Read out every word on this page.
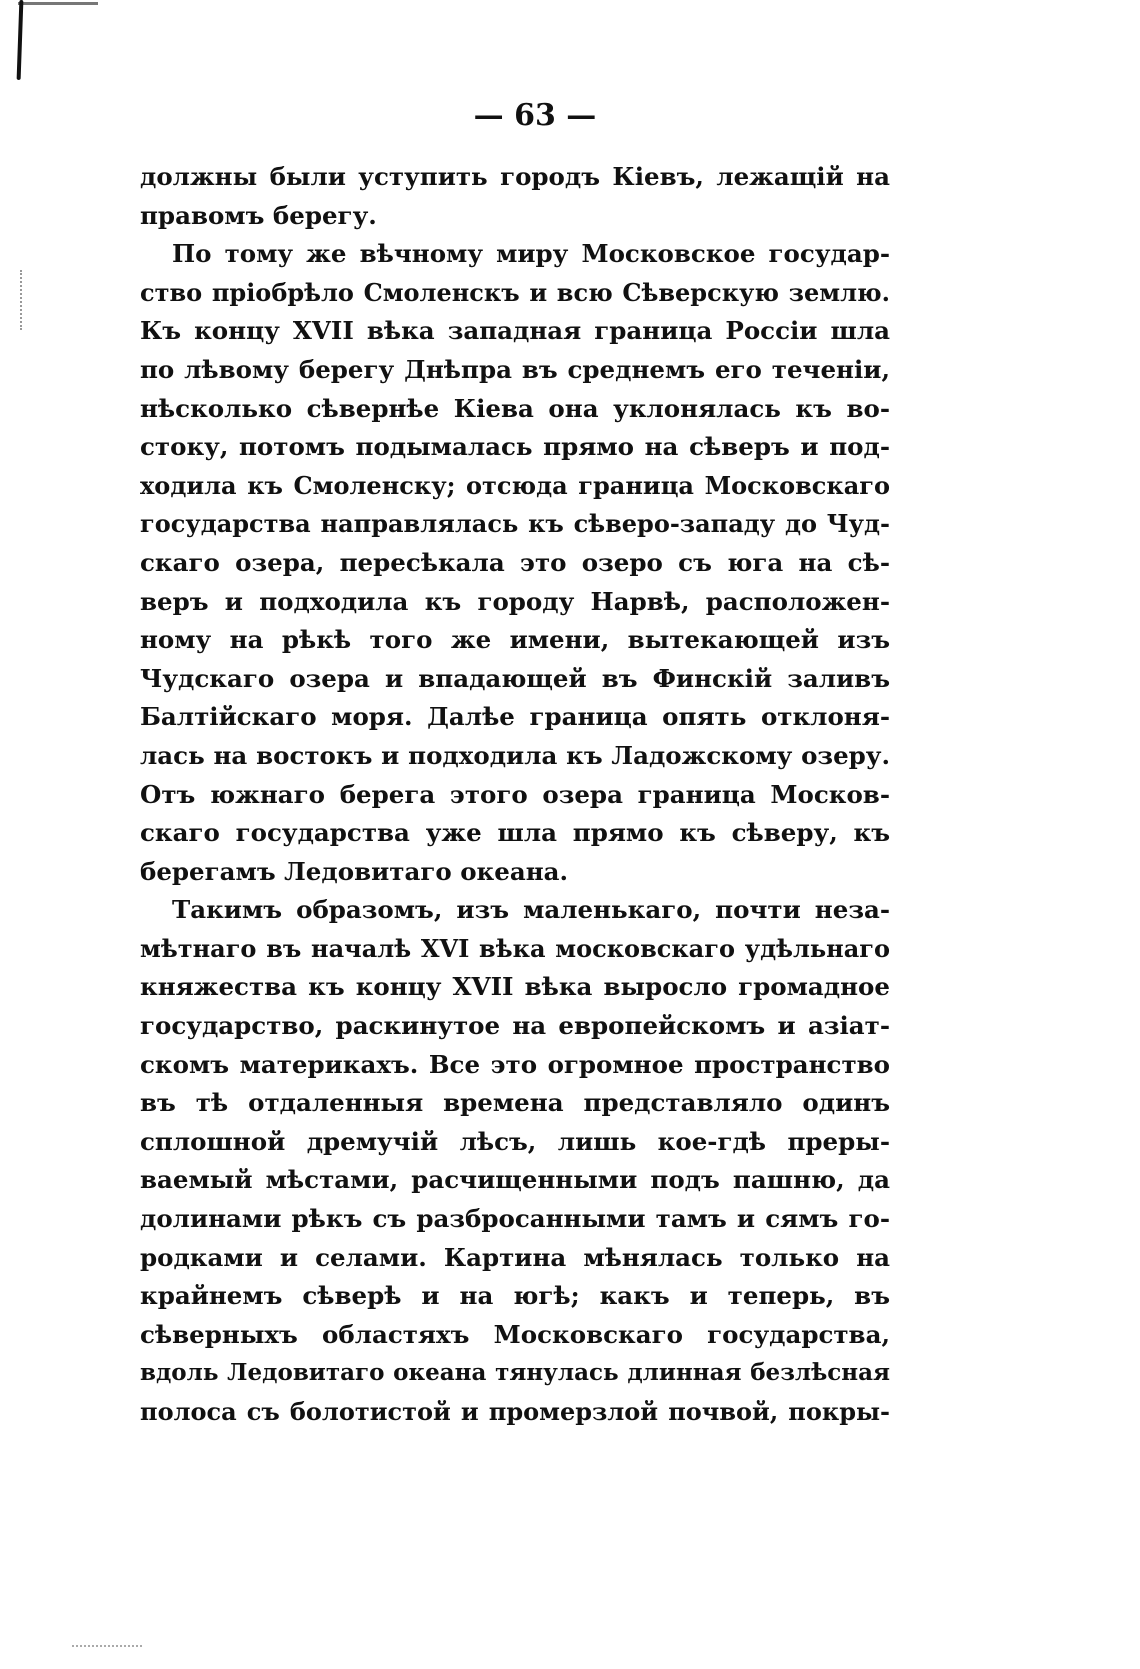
— 63 —
должны были уступить городъ Кіевъ, лежащій на
правомъ берегу.
По тому же вѣчному миру Московское государ-
ство пріобрѣло Смоленскъ и всю Сѣверскую землю.
Къ концу XVII вѣка западная граница Россіи шла
по лѣвому берегу Днѣпра въ среднемъ его теченіи,
нѣсколько сѣвернѣе Кіева она уклонялась къ во-
стоку, потомъ подымалась прямо на сѣверъ и под-
ходила къ Смоленску; отсюда граница Московскаго
государства направлялась къ сѣверо-западу до Чуд-
скаго озера, пересѣкала это озеро съ юга на сѣ-
веръ и подходила къ городу Нарвѣ, расположен-
ному на рѣкѣ того же имени, вытекающей изъ
Чудскаго озера и впадающей въ Финскій заливъ
Балтійскаго моря. Далѣе граница опять отклоня-
лась на востокъ и подходила къ Ладожскому озеру.
Отъ южнаго берега этого озера граница Москов-
скаго государства уже шла прямо къ сѣверу, къ
берегамъ Ледовитаго океана.
Такимъ образомъ, изъ маленькаго, почти неза-
мѣтнаго въ началѣ XVI вѣка московскаго удѣльнаго
княжества къ концу XVII вѣка выросло громадное
государство, раскинутое на европейскомъ и азіат-
скомъ материкахъ. Все это огромное пространство
въ тѣ отдаленныя времена представляло одинъ
сплошной дремучій лѣсъ, лишь кое-гдѣ преры-
ваемый мѣстами, расчищенными подъ пашню, да
долинами рѣкъ съ разбросанными тамъ и сямъ го-
родками и селами. Картина мѣнялась только на
крайнемъ сѣверѣ и на югѣ; какъ и теперь, въ
сѣверныхъ областяхъ Московскаго государства,
вдоль Ледовитаго океана тянулась длинная безлѣсная
полоса съ болотистой и промерзлой почвой, покры-
